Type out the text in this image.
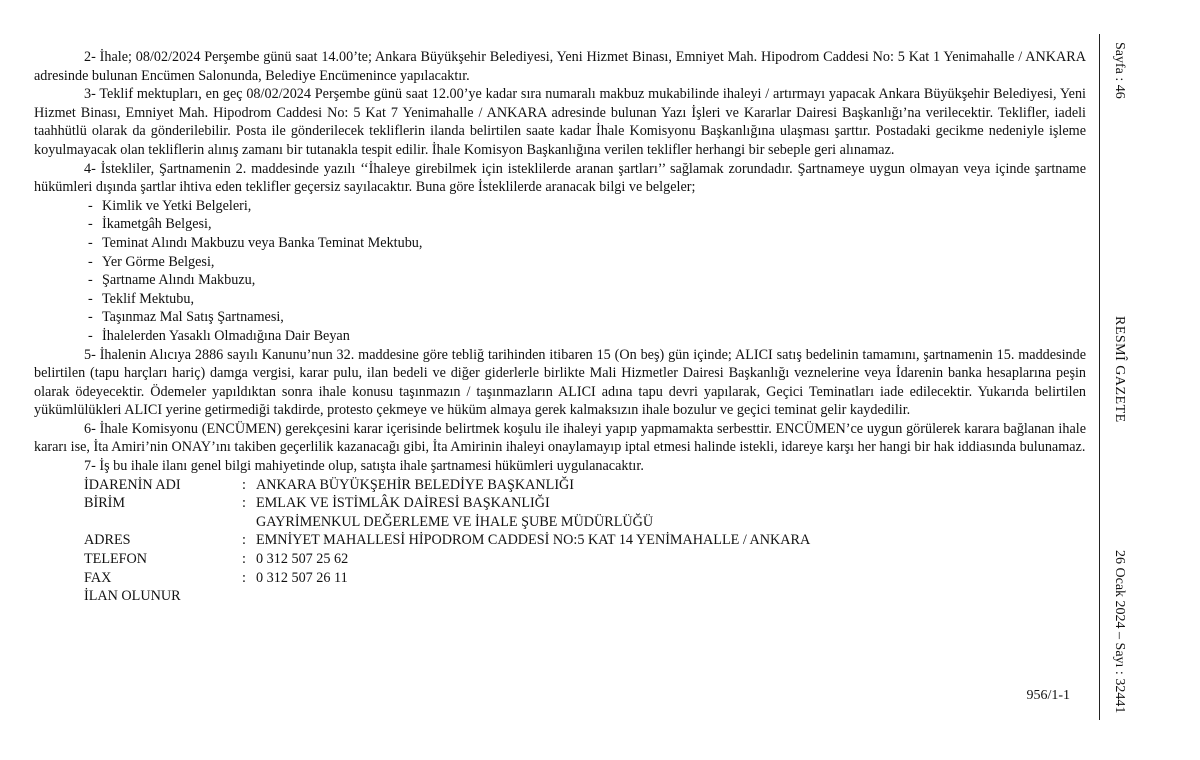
2- İhale; 08/02/2024 Perşembe günü saat 14.00’te; Ankara Büyükşehir Belediyesi, Yeni Hizmet Binası, Emniyet Mah. Hipodrom Caddesi No: 5 Kat 1 Yenimahalle / ANKARA adresinde bulunan Encümen Salonunda, Belediye Encümenince yapılacaktır.

3- Teklif mektupları, en geç 08/02/2024 Perşembe günü saat 12.00’ye kadar sıra numaralı makbuz mukabilinde ihaleyi / artırmayı yapacak Ankara Büyükşehir Belediyesi, Yeni Hizmet Binası, Emniyet Mah. Hipodrom Caddesi No: 5 Kat 7 Yenimahalle / ANKARA adresinde bulunan Yazı İşleri ve Kararlar Dairesi Başkanlığı’na verilecektir. Teklifler, iadeli taahhütlü olarak da gönderilebilir. Posta ile gönderilecek tekliflerin ilanda belirtilen saate kadar İhale Komisyonu Başkanlığına ulaşması şarttır. Postadaki gecikme nedeniyle işleme koyulmayacak olan tekliflerin alınış zamanı bir tutanakla tespit edilir. İhale Komisyon Başkanlığına verilen teklifler herhangi bir sebeple geri alınamaz.

4- İstekliler, Şartnamenin 2. maddesinde yazılı ‘‘İhaleye girebilmek için isteklilerde aranan şartları’’ sağlamak zorundadır. Şartnameye uygun olmayan veya içinde şartname hükümleri dışında şartlar ihtiva eden teklifler geçersiz sayılacaktır. Buna göre İsteklilerde aranacak bilgi ve belgeler;

- Kimlik ve Yetki Belgeleri,
- İkametgâh Belgesi,
- Teminat Alındı Makbuzu veya Banka Teminat Mektubu,
- Yer Görme Belgesi,
- Şartname Alındı Makbuzu,
- Teklif Mektubu,
- Taşınmaz Mal Satış Şartnamesi,
- İhalelerden Yasaklı Olmadığına Dair Beyan

5- İhalenin Alıcıya 2886 sayılı Kanunu’nun 32. maddesine göre tebliğ tarihinden itibaren 15 (On beş) gün içinde; ALICI satış bedelinin tamamını, şartnamenin 15. maddesinde belirtilen (tapu harçları hariç) damga vergisi, karar pulu, ilan bedeli ve diğer giderlerle birlikte Mali Hizmetler Dairesi Başkanlığı veznelerine veya İdarenin banka hesaplarına peşin olarak ödeyecektir. Ödemeler yapıldıktan sonra ihale konusu taşınmazın / taşınmazların ALICI adına tapu devri yapılarak, Geçici Teminatları iade edilecektir. Yukarıda belirtilen yükümlülükleri ALICI yerine getirmediği takdirde, protesto çekmeye ve hüküm almaya gerek kalmaksızın ihale bozulur ve geçici teminat gelir kaydedilir.

6- İhale Komisyonu (ENCÜMEN) gerekçesini karar içerisinde belirtmek koşulu ile ihaleyi yapıp yapmamakta serbesttir. ENCÜMEN’ce uygun görülerek karara bağlanan ihale kararı ise, İta Amiri’nin ONAY’ını takiben geçerlilik kazanacağı gibi, İta Amirinin ihaleyi onaylamayıp iptal etmesi halinde istekli, idareye karşı her hangi bir hak iddiasında bulunamaz.

7- İş bu ihale ilanı genel bilgi mahiyetinde olup, satışta ihale şartnamesi hükümleri uygulanacaktır.

İDARENİN ADI	:	ANKARA BÜYÜKŞEHİR BELEDİYE BAŞKANLIĞI
BİRİM	:	EMLAK VE İSTİMLÂK DAİRESİ BAŞKANLIĞI
		GAYRİMENKUL DEĞERLEME VE İHALE ŞUBE MÜDÜRLÜĞÜ
ADRES	:	EMNİYET MAHALLESİ HİPODROM CADDESİ NO:5 KAT 14 YENİMAHALLE / ANKARA
TELEFON	:	0 312 507 25 62
FAX	:	0 312 507 26 11
İLAN OLUNUR		
956/1-1
Sayfa : 46
RESMÎ GAZETE
26 Ocak 2024 – Sayı : 32441
